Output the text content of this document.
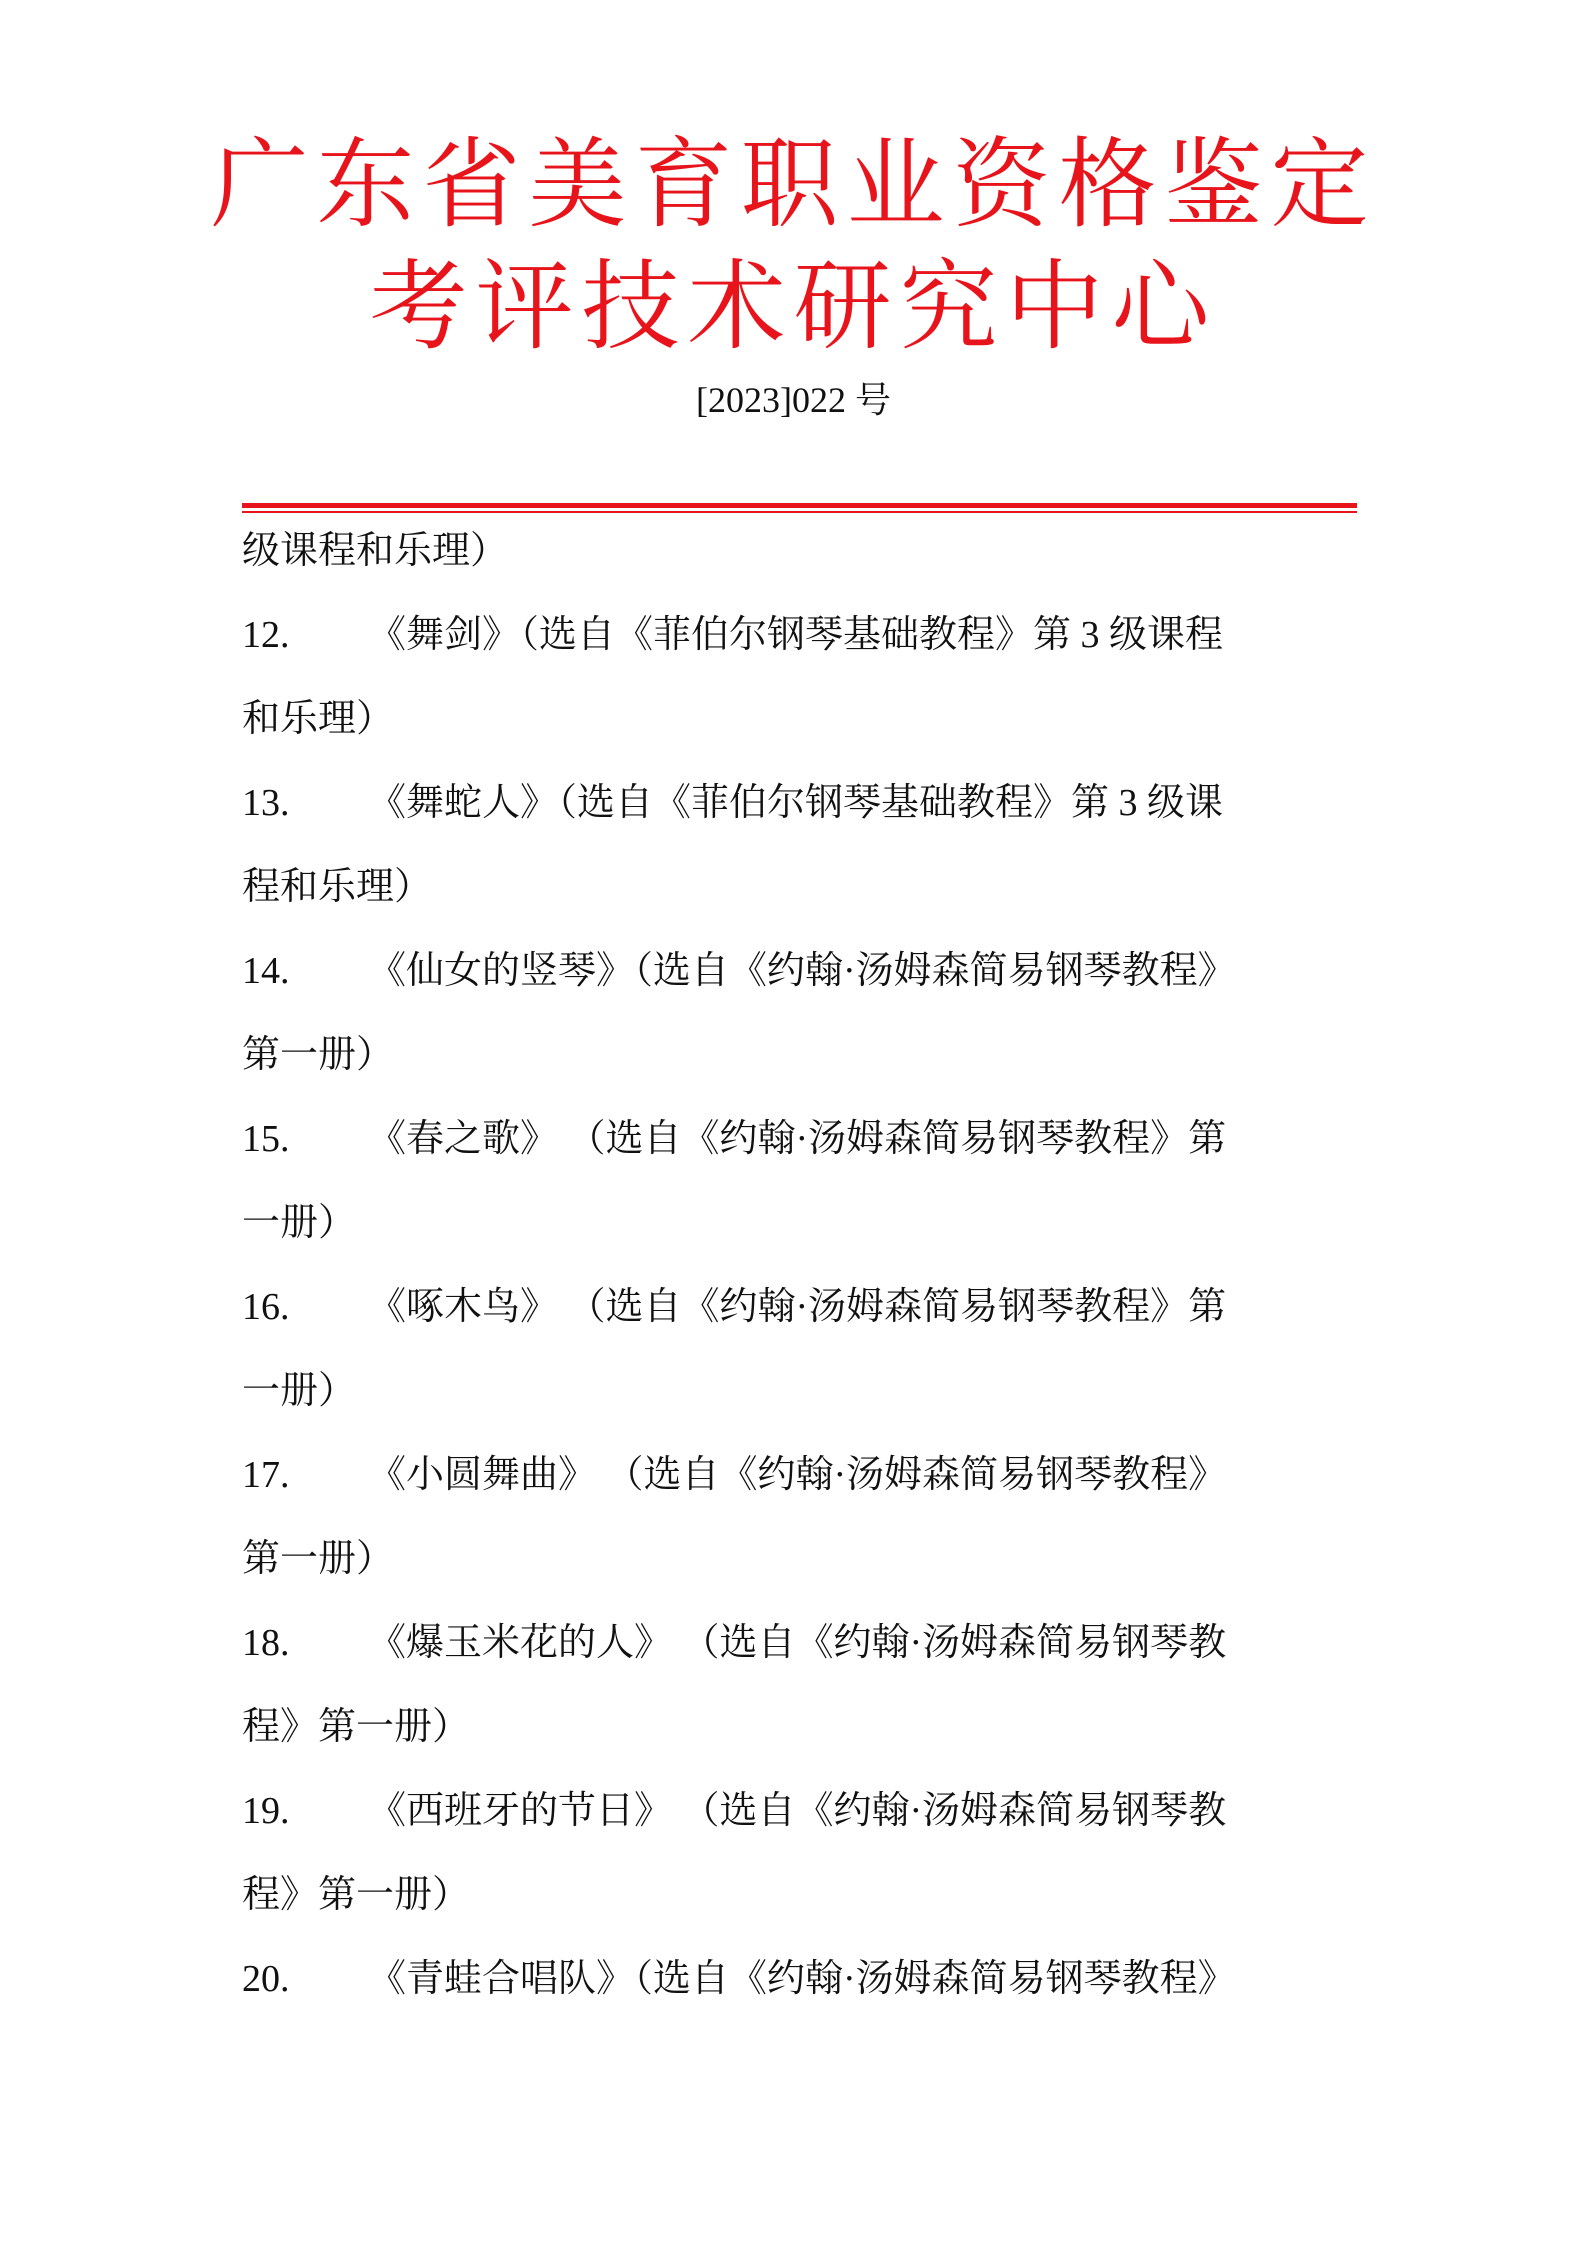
广东省美育职业资格鉴定
考评技术研究中心
[2023]022 号
级课程和乐理）
12. 《舞剑》（选自《菲伯尔钢琴基础教程》第 3 级课程
和乐理）
13. 《舞蛇人》（选自《菲伯尔钢琴基础教程》第 3 级课
程和乐理）
14. 《仙女的竖琴》（选自《约翰·汤姆森简易钢琴教程》
第一册）
15. 《春之歌》 （选自《约翰·汤姆森简易钢琴教程》第
一册）
16. 《啄木鸟》 （选自《约翰·汤姆森简易钢琴教程》第
一册）
17. 《小圆舞曲》 （选自《约翰·汤姆森简易钢琴教程》
第一册）
18. 《爆玉米花的人》 （选自《约翰·汤姆森简易钢琴教
程》第一册）
19. 《西班牙的节日》 （选自《约翰·汤姆森简易钢琴教
程》第一册）
20. 《青蛙合唱队》（选自《约翰·汤姆森简易钢琴教程》
